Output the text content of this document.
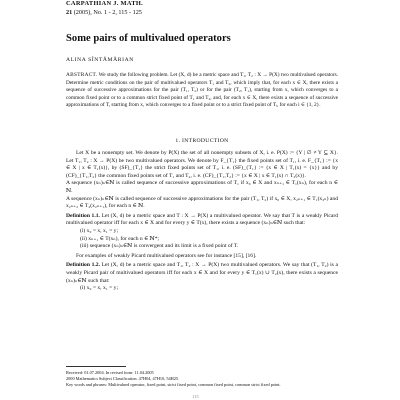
CARPATHIAN J. MATH.
21 (2005), No. 1 - 2, 115 - 125
Some pairs of multivalued operators
ALINA SÎNTĂMĂRIAN
ABSTRACT. We study the following problem. Let (X, d) be a metric space and T₁, T₂ : X → P(X) two multivalued operators. Determine metric conditions on the pair of multivalued operators T₁ and T₂, which imply that, for each x ∈ X, there exists a sequence of successive approximations for the pair (T₁, T₂) or for the pair (T₂, T₁), starting from x, which converges to a common fixed point or to a common strict fixed point of T₁ and T₂, and, for each x ∈ X, there exists a sequence of successive approximations of T, starting from x, which converges to a fixed point or to a strict fixed point of Tᵢ, for each i ∈ {1, 2}.
1. INTRODUCTION
Let X be a nonempty set. We denote by P(X) the set of all nonempty subsets of X, i. e. P(X) := {Y | ∅ ≠ Y ⊆ X}. Let T₁, T₂ : X → P(X) be two multivalued operators. We denote by F_{T₁} the fixed points set of T₁, i. e. F_{T₁} := {x ∈ X | x ∈ T₁(x)}, by (SF)_{T₁} the strict fixed points set of T₁, i. e. (SF)_{T₁} := {x ∈ X | T₁(x) = {x}} and by (CF)_{T₁,T₂} the common fixed points set of T₁ and T₂, i. e. (CF)_{T₁,T₂} := {x ∈ X | x ∈ T₁(x) ∩ T₂(x)}.
A sequence (xₙ)ₙ∈ℕ is called sequence of successive approximations of T₁ if x₀ ∈ X and xₙ₊₁ ∈ T₁(xₙ), for each n ∈ ℕ.
A sequence (xₙ)ₙ∈ℕ is called sequence of successive approximations for the pair (T₁, T₂) if x₀ ∈ X, x₂ₙ₊₁ ∈ T₁(x₂ₙ) and x₂ₙ₊₂ ∈ T₂(x₂ₙ₊₁), for each n ∈ ℕ.
Definition 1.1. Let (X, d) be a metric space and T : X → P(X) a multivalued operator. We say that T is a weakly Picard multivalued operator iff for each x ∈ X and for every y ∈ T(x), there exists a sequence (xₙ)ₙ∈ℕ such that:
(i) x₀ = x, x₁ = y;
(ii) xₙ₊₁ ∈ T(xₙ), for each n ∈ ℕ*;
(iii) sequence (xₙ)ₙ∈ℕ is convergent and its limit is a fixed point of T.
For examples of weakly Picard multivalued operators see for instance [15], [16].
Definition 1.2. Let (X, d) be a metric space and T₁, T₂ : X → P(X) two multivalued operators. We say that (T₁, T₂) is a weakly Picard pair of multivalued operators iff for each x ∈ X and for every y ∈ T₁(x) ∪ T₂(x), there exists a sequence (xₙ)ₙ∈ℕ such that:
(i) x₀ = x, x₁ = y;
Received: 01.07.2004. In revised form: 11.04.2005
2000 Mathematics Subject Classification. 47H04, 47H10, 54H25.
Key words and phrases: Multivalued operator, fixed point, strict fixed point, common fixed point, common strict fixed point.
115
